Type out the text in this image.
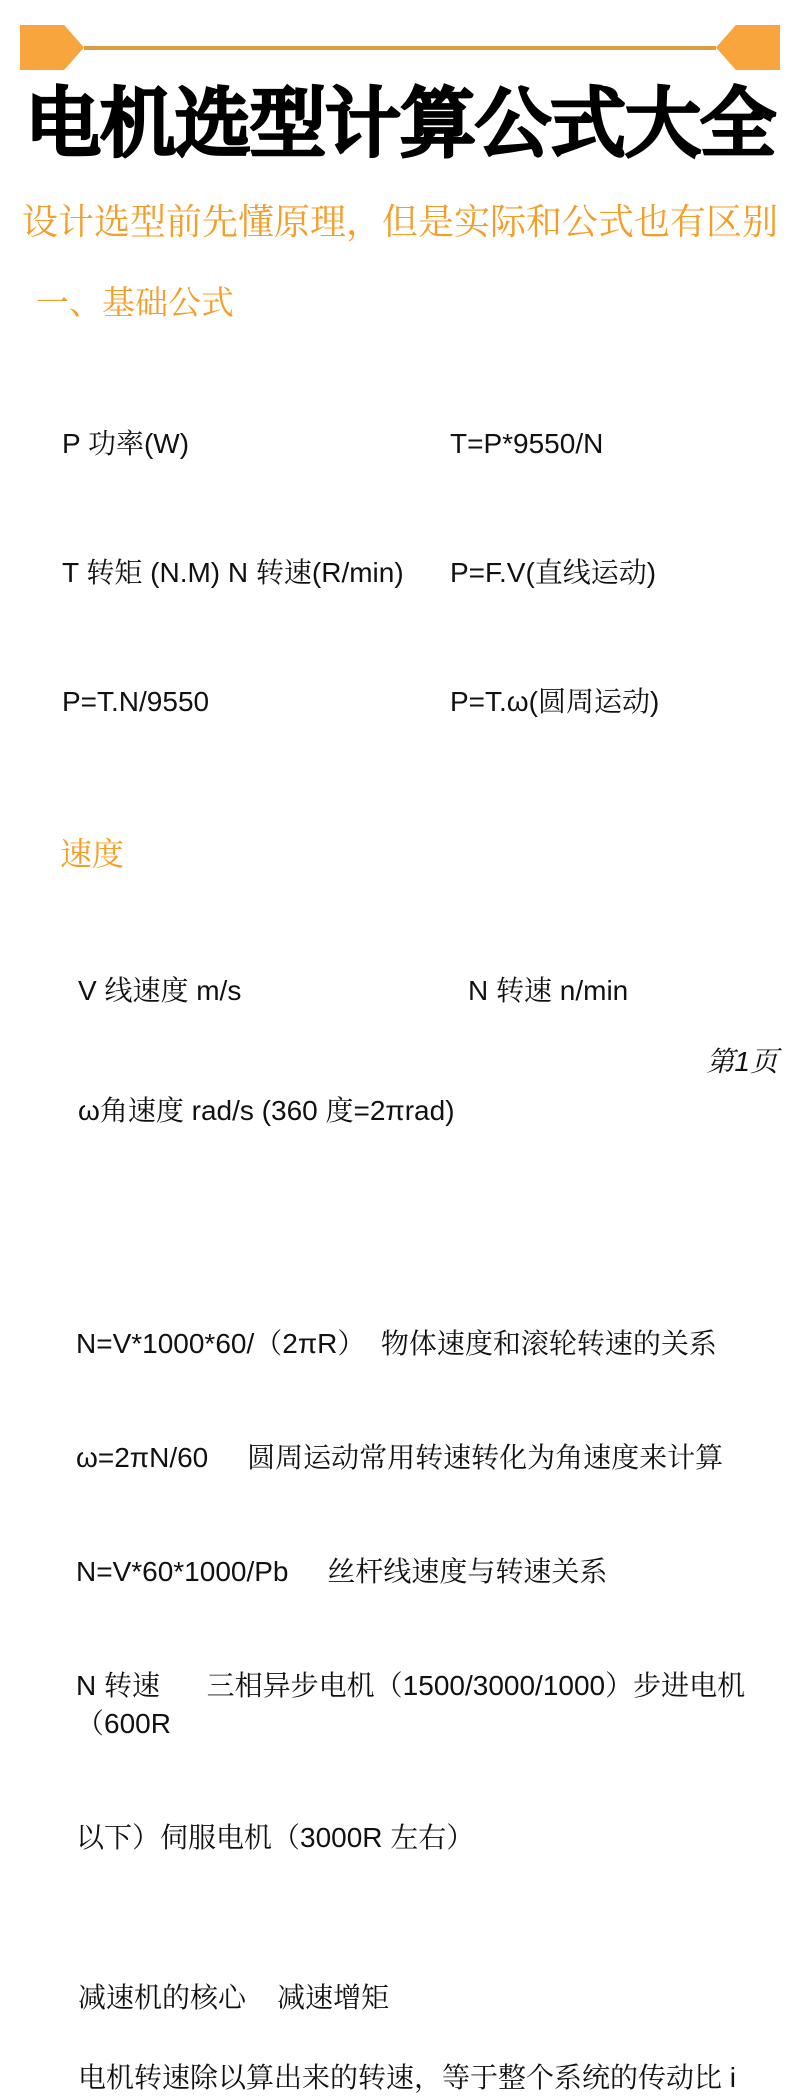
电机选型计算公式大全
设计选型前先懂原理，但是实际和公式也有区别
一、基础公式

P 功率(W)

T 转矩 (N.M) N 转速(R/min)

P=T.N/9550

T=P*9550/N

P=F.V(直线运动)

P=T.ω(圆周运动)

速度

V 线速度 m/s	N 转速 n/min

ω角速度 rad/s (360 度=2πrad)

N=V*1000*60/（2πR）  物体速度和滚轮转速的关系

ω=2πN/60     圆周运动常用转速转化为角速度来计算

N=V*60*1000/Pb     丝杆线速度与转速关系

N 转速      三相异步电机（1500/3000/1000）步进电机（600R

以下）伺服电机（3000R 左右）

减速机的核心    减速增矩
电机转速除以算出来的转速，等于整个系统的传动比 i
第1页
